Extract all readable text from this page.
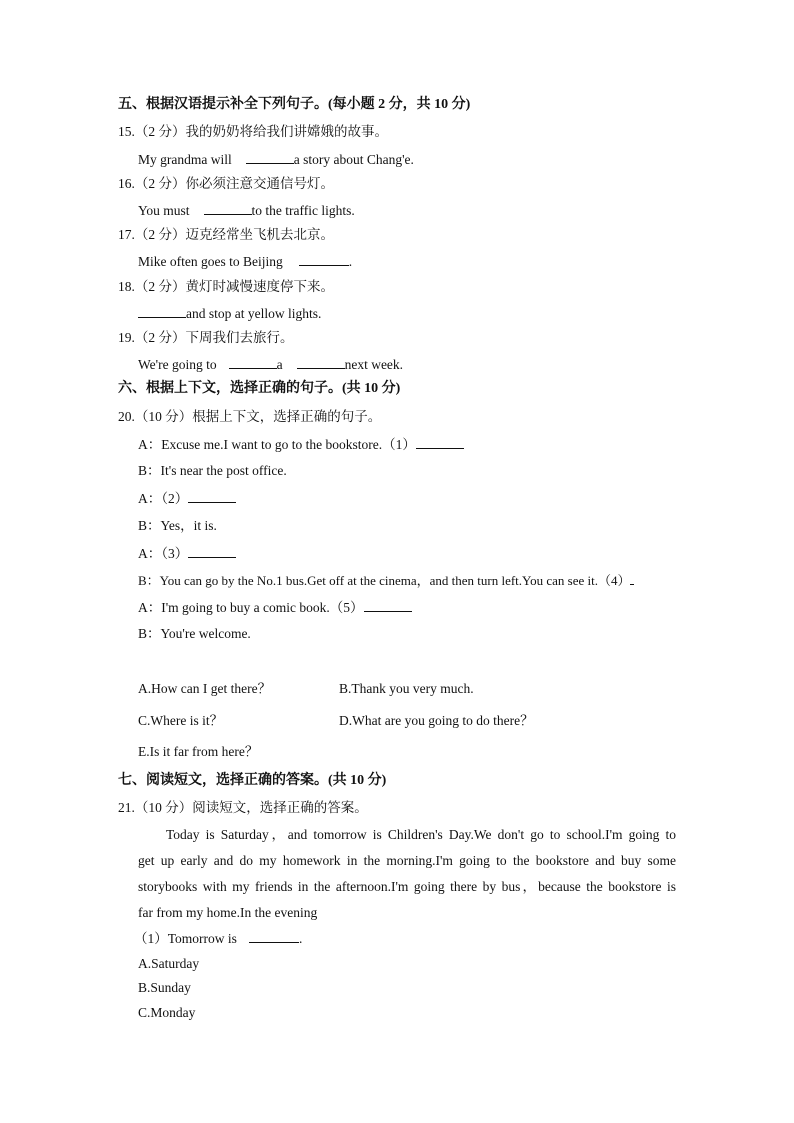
五、根据汉语提示补全下列句子。(每小题 2 分，共 10 分)
15.（2 分）我的奶奶将给我们讲嫦娥的故事。
My grandma will	a story about Chang'e.
16.（2 分）你必须注意交通信号灯。
You must	to the traffic lights.
17.（2 分）迈克经常坐飞机去北京。
Mike often goes to Beijing	.
18.（2 分）黄灯时减慢速度停下来。
and stop at yellow lights.
19.（2 分）下周我们去旅行。
We're going to	a	next week.
六、根据上下文，选择正确的句子。(共 10 分)
20.（10 分）根据上下文，选择正确的句子。
A：Excuse me.I want to go to the bookstore.（1）
B：It's near the post office.
A：（2）
B：Yes，it is.
A：（3）
B：You can go by the No.1 bus.Get off at the cinema，and then turn left.You can see it.（4）
A：I'm going to buy a comic book.（5）
B：You're welcome.
A.How can I get there？	B.Thank you very much.
C.Where is it？	D.What are you going to do there？
E.Is it far from here？
七、阅读短文，选择正确的答案。(共 10 分)
21.（10 分）阅读短文，选择正确的答案。
Today is Saturday，and tomorrow is Children's Day.We don't go to school.I'm going to
get up early and do my homework in the morning.I'm going to the bookstore and buy some
storybooks with my friends in the afternoon.I'm going there by bus，because the bookstore is
far from my home.In the evening
（1）Tomorrow is	.
A.Saturday
B.Sunday
C.Monday
